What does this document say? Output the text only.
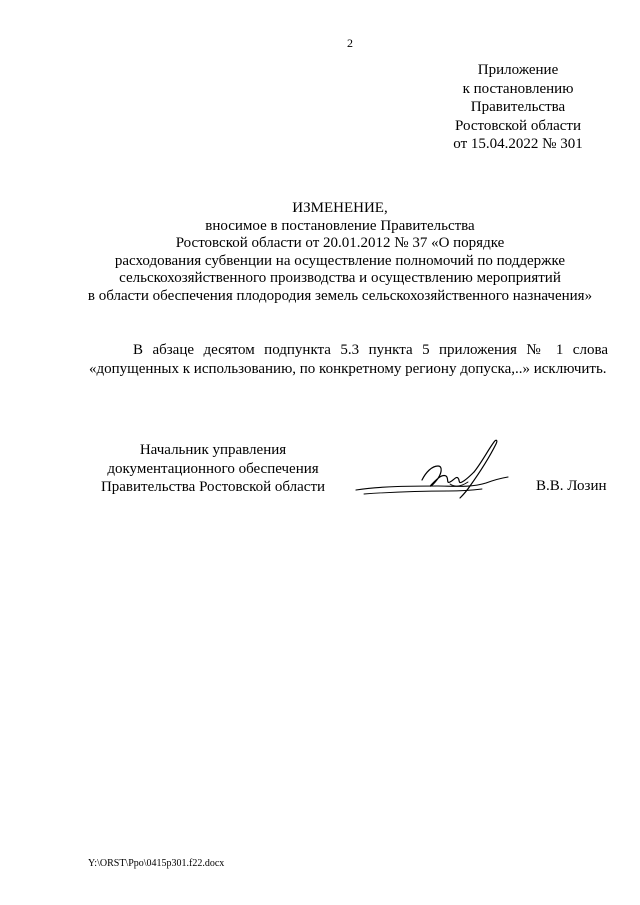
2
Приложение
к постановлению
Правительства
Ростовской области
от 15.04.2022 № 301
ИЗМЕНЕНИЕ,
вносимое в постановление Правительства
Ростовской области от 20.01.2012 № 37 «О порядке
расходования субвенции на осуществление полномочий по поддержке
сельскохозяйственного производства и осуществлению мероприятий
в области обеспечения плодородия земель сельскохозяйственного назначения»
В абзаце десятом подпункта 5.3 пункта 5 приложения № 1 слова «допущенных к использованию, по конкретному региону допуска,..» исключить.
Начальник управления
документационного обеспечения
Правительства Ростовской области	В.В. Лозин
Y:\ORST\Ppo\0415p301.f22.docx
